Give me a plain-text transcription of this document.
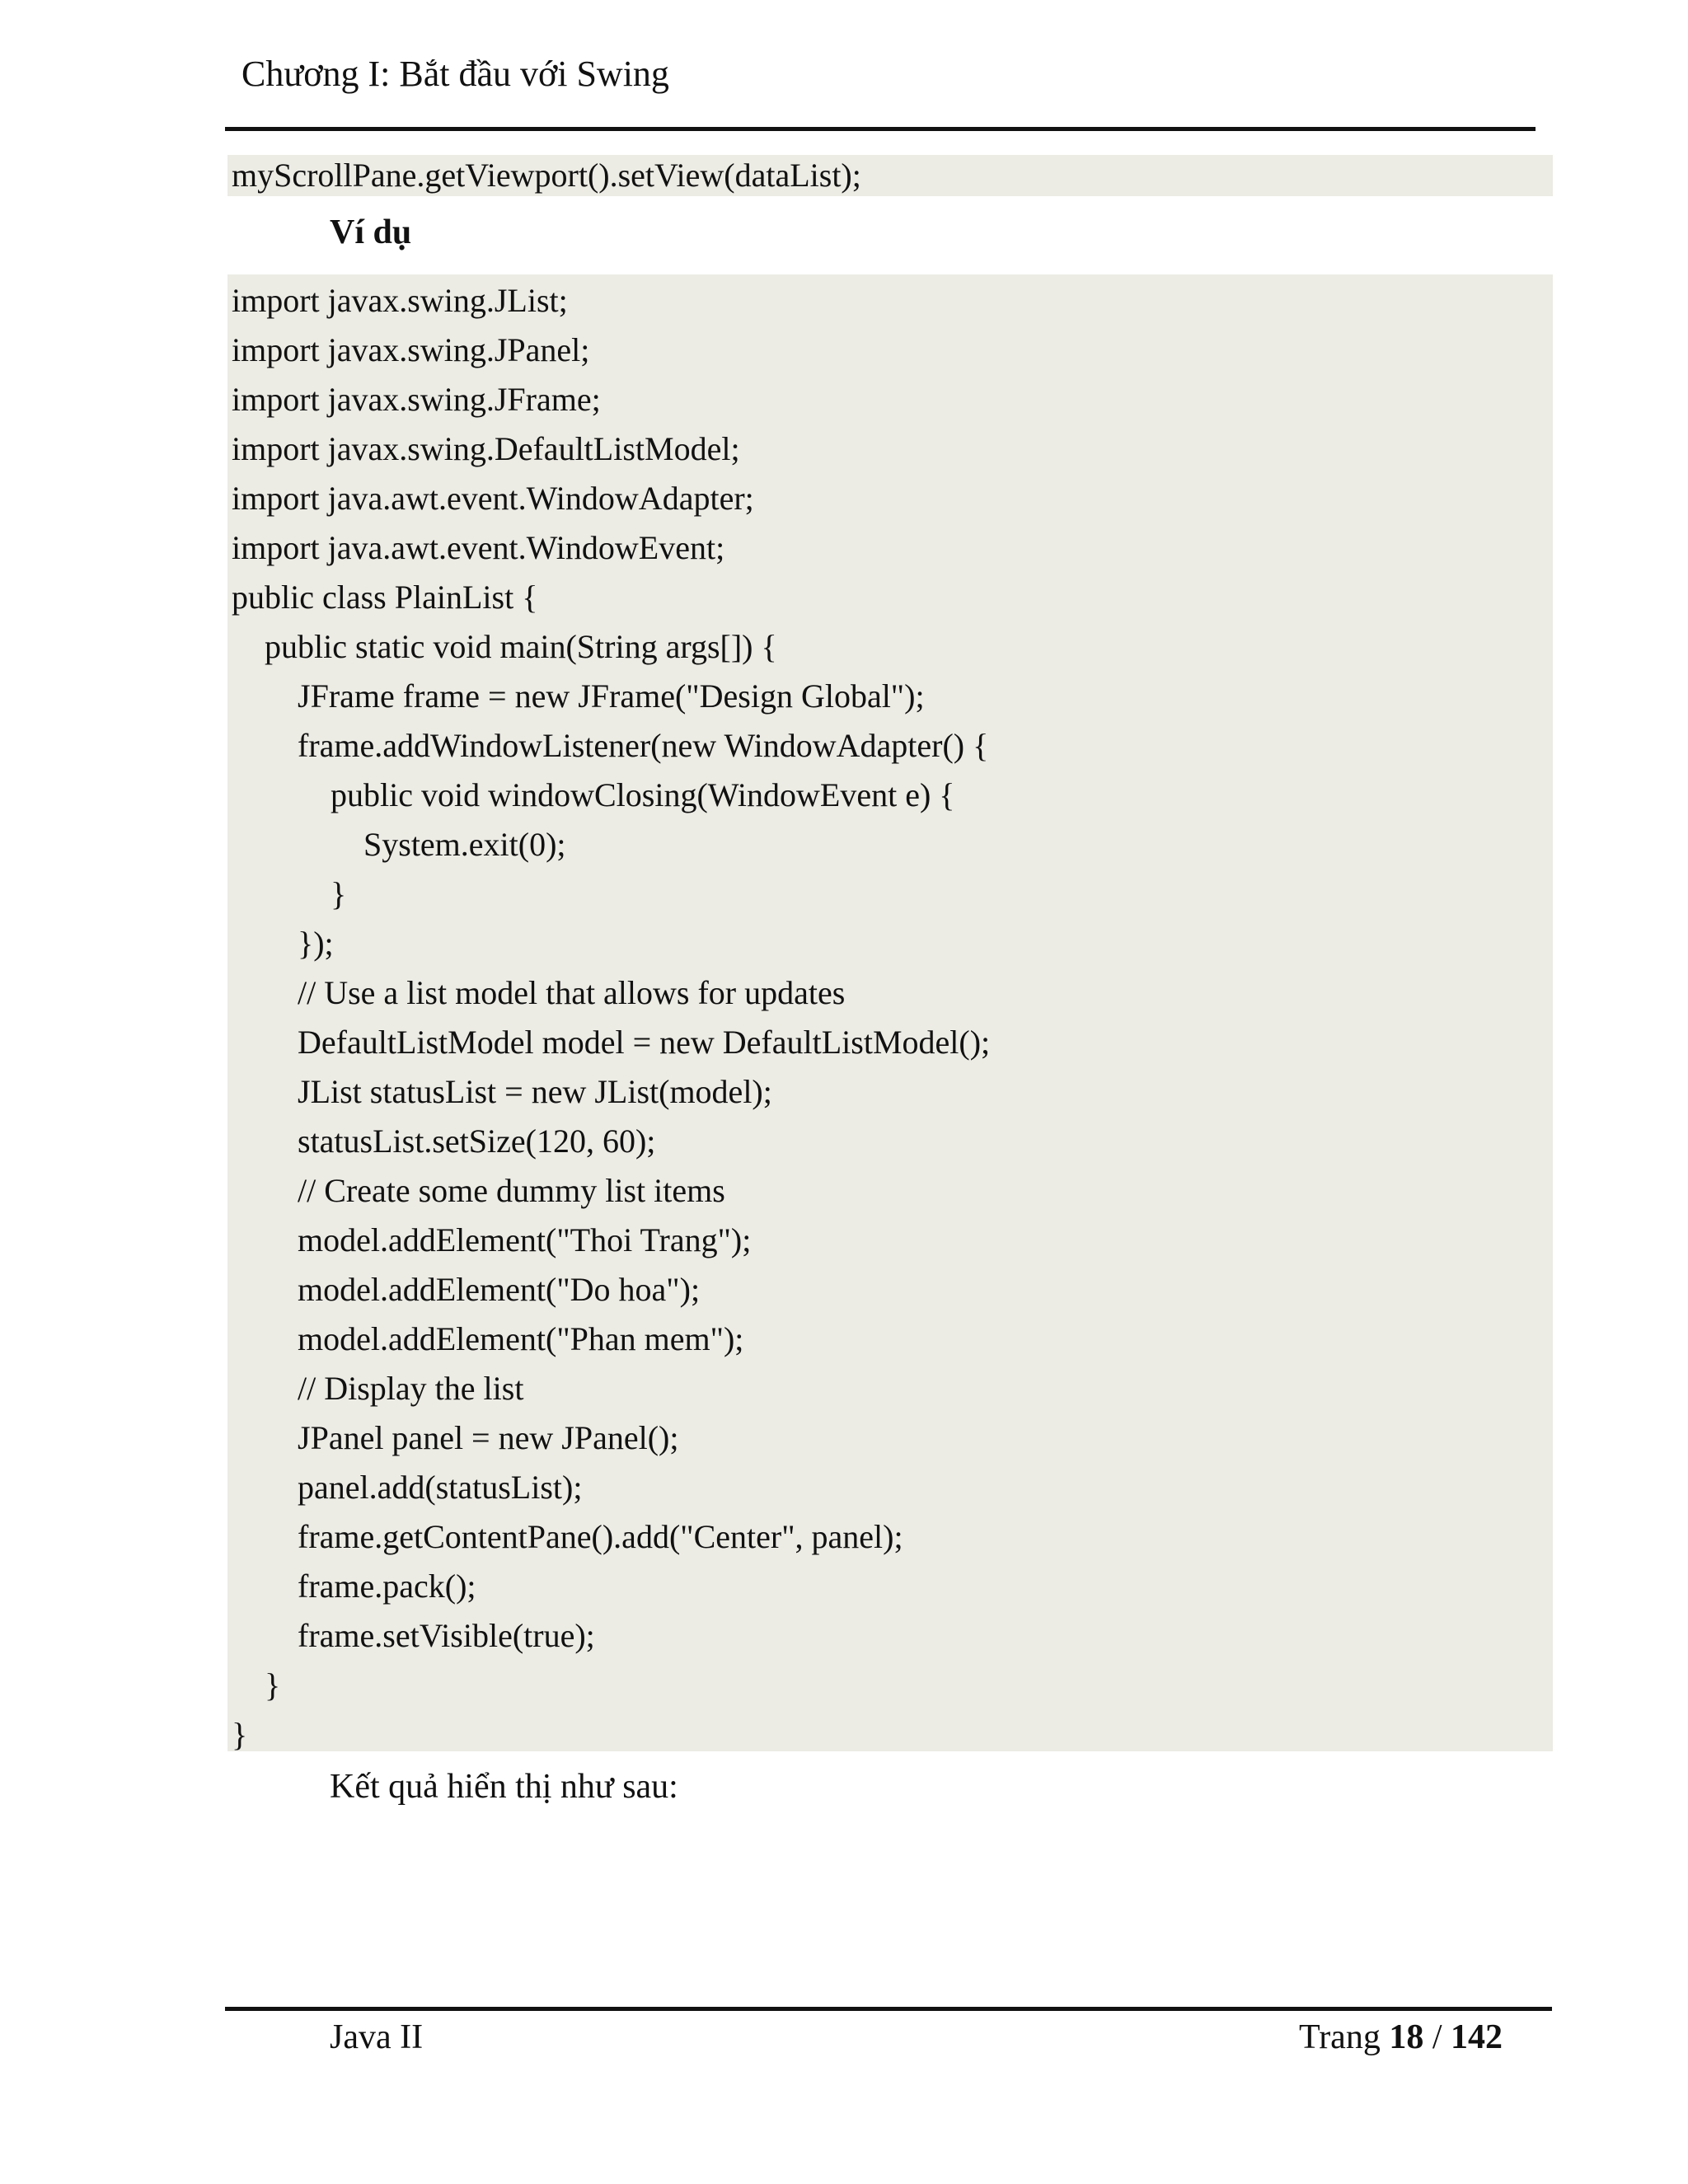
Chương I: Bắt đầu với Swing
myScrollPane.getViewport().setView(dataList);
Ví dụ
import javax.swing.JList;
import javax.swing.JPanel;
import javax.swing.JFrame;
import javax.swing.DefaultListModel;
import java.awt.event.WindowAdapter;
import java.awt.event.WindowEvent;
public class PlainList {
public static void main(String args[]) {
JFrame frame = new JFrame("Design Global");
frame.addWindowListener(new WindowAdapter() {
public void windowClosing(WindowEvent e) {
System.exit(0);
}
});
// Use a list model that allows for updates
DefaultListModel model = new DefaultListModel();
JList statusList = new JList(model);
statusList.setSize(120, 60);
// Create some dummy list items
model.addElement("Thoi Trang");
model.addElement("Do hoa");
model.addElement("Phan mem");
// Display the list
JPanel panel = new JPanel();
panel.add(statusList);
frame.getContentPane().add("Center", panel);
frame.pack();
frame.setVisible(true);
}
}
Kết quả hiển thị như sau:
Java II	Trang 18 / 142
